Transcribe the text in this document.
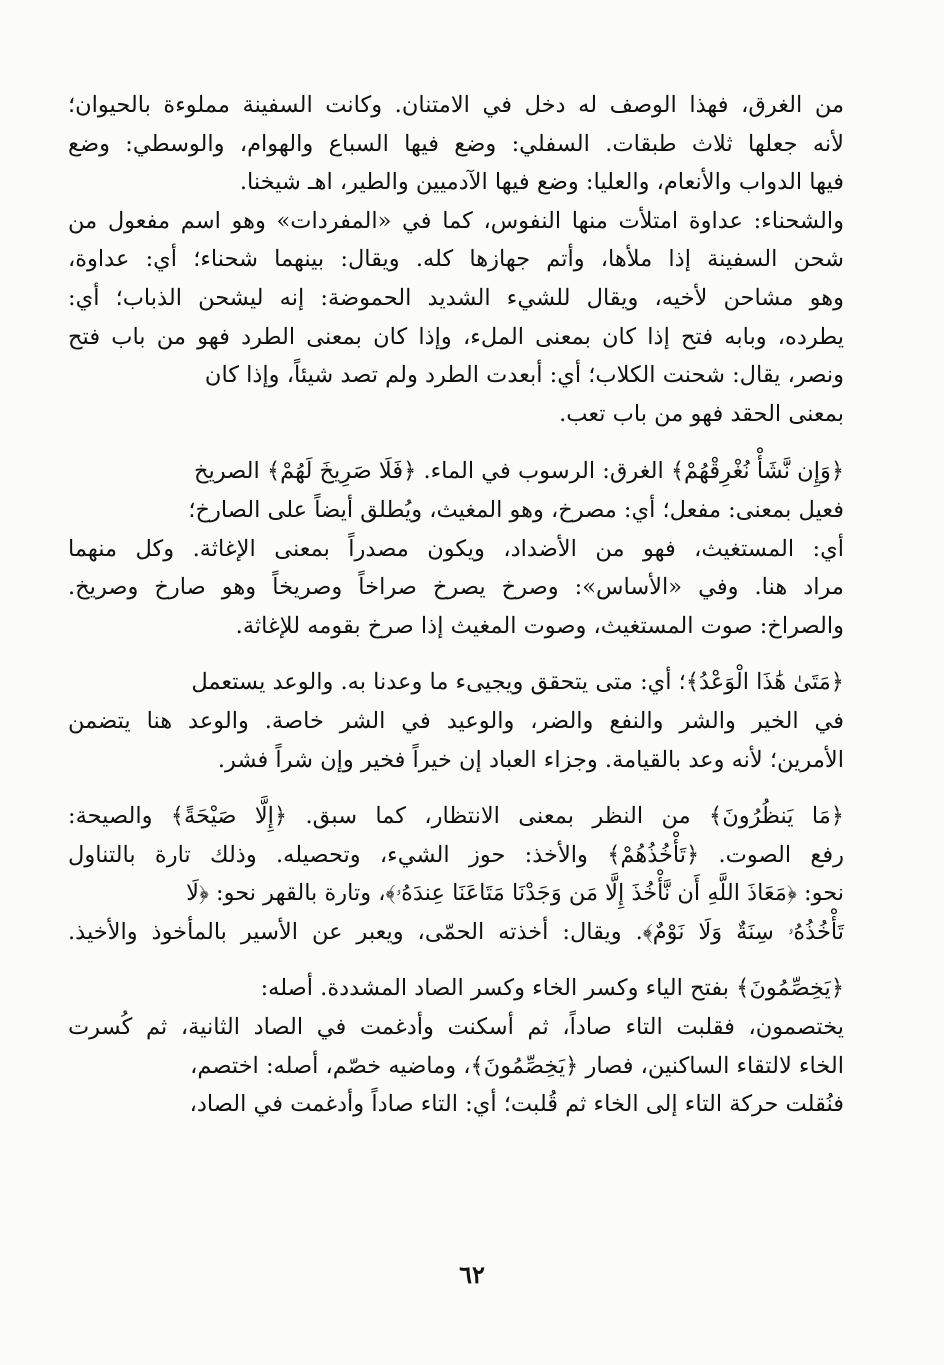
من الغرق، فهذا الوصف له دخل في الامتنان. وكانت السفينة مملوءة بالحيوان؛

لأنه جعلها ثلاث طبقات. السفلي: وضع فيها السباع والهوام، والوسطي: وضع

فيها الدواب والأنعام، والعليا: وضع فيها الآدميين والطير، اهـ شيخنا.

والشحناء: عداوة امتلأت منها النفوس، كما في «المفردات» وهو اسم مفعول من

شحن السفينة إذا ملأها، وأتم جهازها كله. ويقال: بينهما شحناء؛ أي: عداوة،

وهو مشاحن لأخيه، ويقال للشيء الشديد الحموضة: إنه ليشحن الذباب؛ أي:

يطرده، وبابه فتح إذا كان بمعنى الملء، وإذا كان بمعنى الطرد فهو من باب فتح

ونصر، يقال: شحنت الكلاب؛ أي: أبعدت الطرد ولم تصد شيئاً، وإذا كان

بمعنى الحقد فهو من باب تعب.

﴿وَإِن نَّشَأْ نُغْرِقْهُمْ﴾ الغرق: الرسوب في الماء. ﴿فَلَا صَرِيخَ لَهُمْ﴾ الصريخ

فعيل بمعنى: مفعل؛ أي: مصرخ، وهو المغيث، ويُطلق أيضاً على الصارخ؛

أي: المستغيث، فهو من الأضداد، ويكون مصدراً بمعنى الإغاثة. وكل منهما

مراد هنا. وفي «الأساس»: وصرخ يصرخ صراخاً وصريخاً وهو صارخ وصريخ.

والصراخ: صوت المستغيث، وصوت المغيث إذا صرخ بقومه للإغاثة.

﴿مَتَىٰ هَٰذَا الْوَعْدُ﴾؛ أي: متى يتحقق ويجيىء ما وعدنا به. والوعد يستعمل

في الخير والشر والنفع والضر، والوعيد في الشر خاصة. والوعد هنا يتضمن

الأمرين؛ لأنه وعد بالقيامة. وجزاء العباد إن خيراً فخير وإن شراً فشر.

﴿مَا يَنظُرُونَ﴾ من النظر بمعنى الانتظار، كما سبق. ﴿إِلَّا صَيْحَةً﴾ والصيحة:

رفع الصوت. ﴿تَأْخُذُهُمْ﴾ والأخذ: حوز الشيء، وتحصيله. وذلك تارة بالتناول

نحو: ﴿مَعَاذَ اللَّهِ أَن نَّأْخُذَ إِلَّا مَن وَجَدْنَا مَتَاعَنَا عِندَهُۥ﴾، وتارة بالقهر نحو: ﴿لَا

تَأْخُذُهُۥ سِنَةٌ وَلَا نَوْمٌ﴾. ويقال: أخذته الحمّى، ويعبر عن الأسير بالمأخوذ والأخيذ.

﴿يَخِصِّمُونَ﴾ بفتح الياء وكسر الخاء وكسر الصاد المشددة. أصله:

يختصمون، فقلبت التاء صاداً، ثم أسكنت وأدغمت في الصاد الثانية، ثم كُسرت

الخاء لالتقاء الساكنين، فصار ﴿يَخِصِّمُونَ﴾، وماضيه خصّم، أصله: اختصم،

فنُقلت حركة التاء إلى الخاء ثم قُلبت؛ أي: التاء صاداً وأدغمت في الصاد،

٦٢
